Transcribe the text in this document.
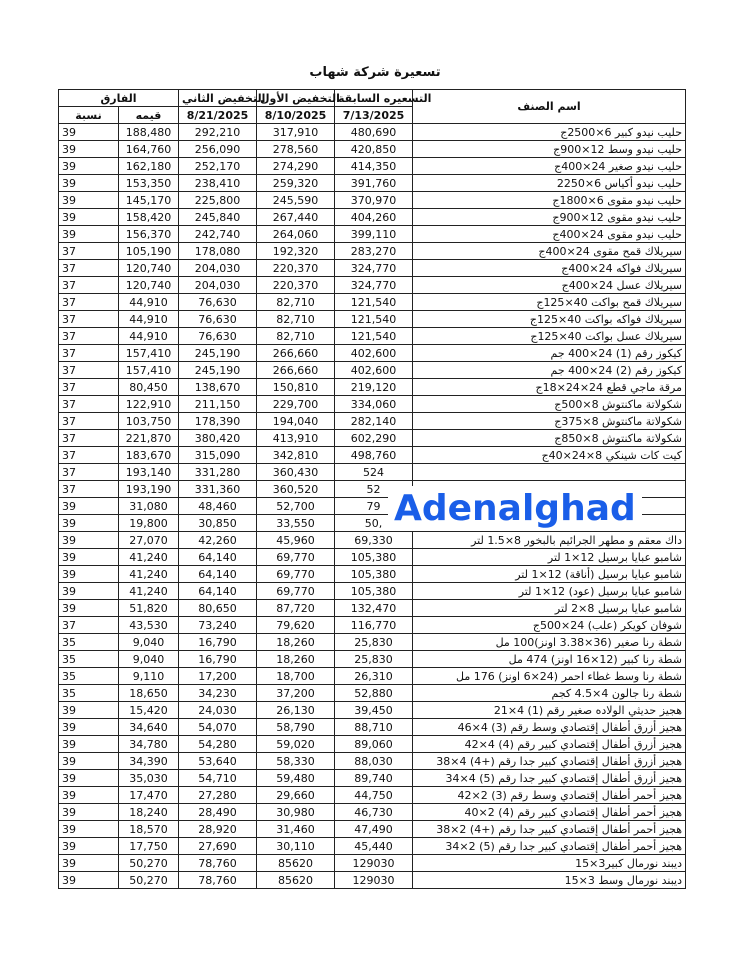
تسعيرة شركة شهاب
الفارق		التخفيض الثاني	التخفيض الأول	التسعيره السابقة	اسم الصنف
نسبة	قيمه	8/21/2025	8/10/2025	7/13/2025	
39	188,480	292,210	317,910	480,690	حليب نيدو كبير 6×2500ج
39	164,760	256,090	278,560	420,850	حليب نيدو وسط 12×900ج
39	162,180	252,170	274,290	414,350	حليب نيدو صغير 24×400ج
39	153,350	238,410	259,320	391,760	حليب نيدو أكياس 6×2250
39	145,170	225,800	245,590	370,970	حليب نيدو مقوى 6×1800ج
39	158,420	245,840	267,440	404,260	حليب نيدو مقوى 12×900ج
39	156,370	242,740	264,060	399,110	حليب نيدو مقوى 24×400ج
37	105,190	178,080	192,320	283,270	سيريلاك قمح مقوى 24×400ج
37	120,740	204,030	220,370	324,770	سيريلاك فواكه 24×400ج
37	120,740	204,030	220,370	324,770	سيريلاك عسل 24×400ج
37	44,910	76,630	82,710	121,540	سيريلاك قمح بواكت 40×125ج
37	44,910	76,630	82,710	121,540	سيريلاك فواكه بواكت 40×125ج
37	44,910	76,630	82,710	121,540	سيريلاك عسل بواكت 40×125ج
37	157,410	245,190	266,660	402,600	كيكوز رقم (1) 24×400 جم
37	157,410	245,190	266,660	402,600	كيكوز رقم (2) 24×400 جم
37	80,450	138,670	150,810	219,120	مرقة ماجي قطع 24×24×18ج
37	122,910	211,150	229,700	334,060	شكولاتة ماكنتوش 8×500ج
37	103,750	178,390	194,040	282,140	شكولاتة ماكنتوش 8×375ج
37	221,870	380,420	413,910	602,290	شكولاتة ماكنتوش 8×850ج
37	183,670	315,090	342,810	498,760	كيت كات شينكي 8×24×40ج
37	193,140	331,280	360,430	524	
37	193,190	331,360	360,520	52	
39	31,080	48,460	52,700	79	
39	19,800	30,850	33,550	50,	
39	27,070	42,260	45,960	69,330	داك معقم و مطهر الجرائيم بالبخور 8×1.5 لتر
39	41,240	64,140	69,770	105,380	شامبو عبايا برسيل 12×1 لتر
39	41,240	64,140	69,770	105,380	شامبو عبايا برسيل (أناقة) 12×1 لتر
39	41,240	64,140	69,770	105,380	شامبو عبايا برسيل (عود) 12×1 لتر
39	51,820	80,650	87,720	132,470	شامبو عبايا برسيل 8×2 لتر
37	43,530	73,240	79,620	116,770	شوفان كويكر (علب) 24×500ج
35	9,040	16,790	18,260	25,830	شطة رنا صغير (36×3.38 اونز)100 مل
35	9,040	16,790	18,260	25,830	شطة رنا كبير (12×16 اونز) 474 مل
35	9,110	17,200	18,700	26,310	شطة رنا وسط غطاء احمر (24×6 اونز) 176 مل
35	18,650	34,230	37,200	52,880	شطة رنا جالون 4×4.5 كجم
39	15,420	24,030	26,130	39,450	هجيز حديثي الولاده صغير رقم (1) 4×21
39	34,640	54,070	58,790	88,710	هجيز أزرق أطفال إقتصادي وسط رقم (3) 4×46
39	34,780	54,280	59,020	89,060	هجيز أزرق أطفال إقتصادي كبير رقم (4) 4×42
39	34,390	53,640	58,330	88,030	هجيز أزرق أطفال إقتصادي كبير جدا رقم (+4) 4×38
39	35,030	54,710	59,480	89,740	هجيز أزرق أطفال إقتصادي كبير جدا رقم (5) 4×34
39	17,470	27,280	29,660	44,750	هجيز أحمر أطفال إقتصادي وسط رقم (3) 2×42
39	18,240	28,490	30,980	46,730	هجيز أحمر أطفال إقتصادي كبير رقم (4) 2×40
39	18,570	28,920	31,460	47,490	هجيز أحمر أطفال إقتصادي كبير جدا رقم (+4) 2×38
39	17,750	27,690	30,110	45,440	هجيز أحمر أطفال إقتصادي كبير جدا رقم (5) 2×34
39	50,270	78,760	85620	129030	ديبند نورمال كبير3×15
39	50,270	78,760	85620	129030	ديبند نورمال وسط 3×15
Adenalghad
